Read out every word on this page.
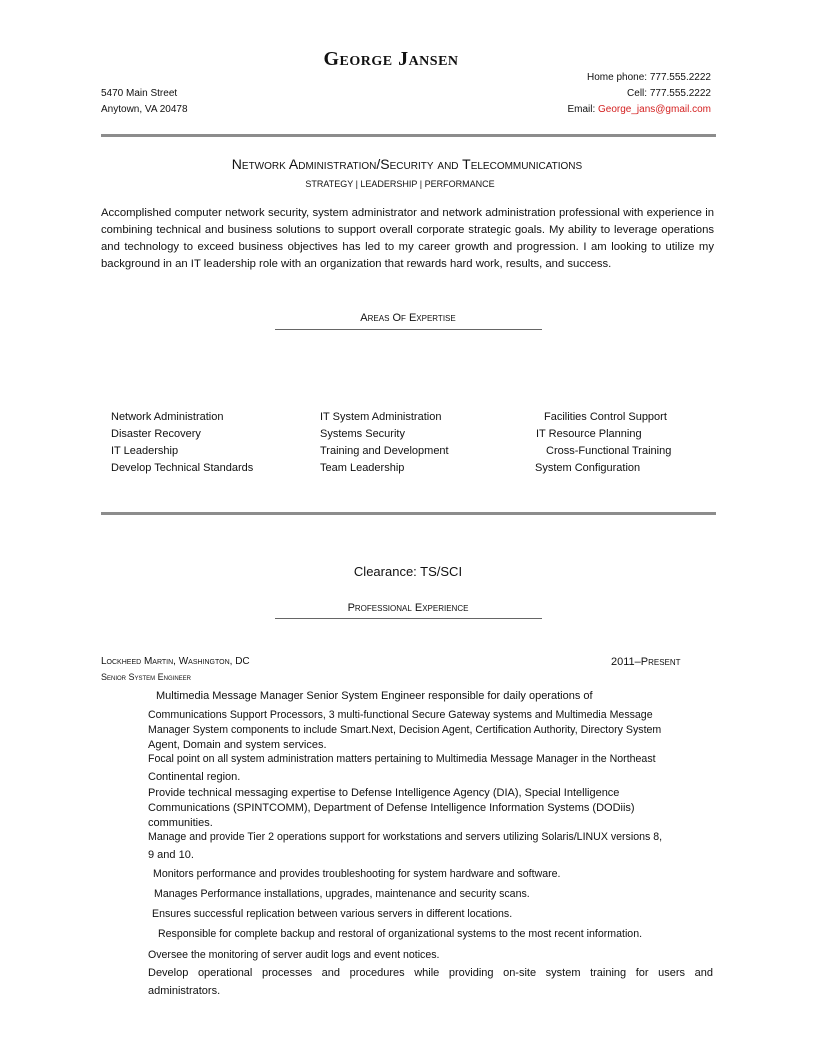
George Jansen
5470 Main Street
Anytown, VA 20478
Home phone: 777.555.2222
Cell: 777.555.2222
Email: George_jans@gmail.com
Network Administration/Security and Telecommunications
STRATEGY | LEADERSHIP | PERFORMANCE
Accomplished computer network security, system administrator and network administration professional with experience in combining technical and business solutions to support overall corporate strategic goals. My ability to leverage operations and technology to exceed business objectives has led to my career growth and progression. I am looking to utilize my background in an IT leadership role with an organization that rewards hard work, results, and success.
Areas Of Expertise
Network Administration
Disaster Recovery
IT Leadership
Develop Technical Standards
IT System Administration
Systems Security
Training and Development
Team Leadership
Facilities Control Support
IT Resource Planning
Cross-Functional Training
System Configuration
Clearance: TS/SCI
Professional Experience
Lockheed Martin, Washington, DC	2011–Present
Senior System Engineer
Multimedia Message Manager Senior System Engineer responsible for daily operations of
Communications Support Processors, 3 multi-functional Secure Gateway systems and Multimedia Message
Manager System components to include Smart.Next, Decision Agent, Certification Authority, Directory System
Agent, Domain and system services.
Focal point on all system administration matters pertaining to Multimedia Message Manager in the Northeast
Continental region.
Provide technical messaging expertise to Defense Intelligence Agency (DIA), Special Intelligence
Communications (SPINTCOMM), Department of Defense Intelligence Information Systems (DODiis)
communities.
Manage and provide Tier 2 operations support for workstations and servers utilizing Solaris/LINUX versions 8,
9 and 10.
Monitors performance and provides troubleshooting for system hardware and software.
Manages Performance installations, upgrades, maintenance and security scans.
Ensures successful replication between various servers in different locations.
Responsible for complete backup and restoral of organizational systems to the most recent information.
Oversee the monitoring of server audit logs and event notices.
Develop operational processes and procedures while providing on-site system training for users and
administrators.
